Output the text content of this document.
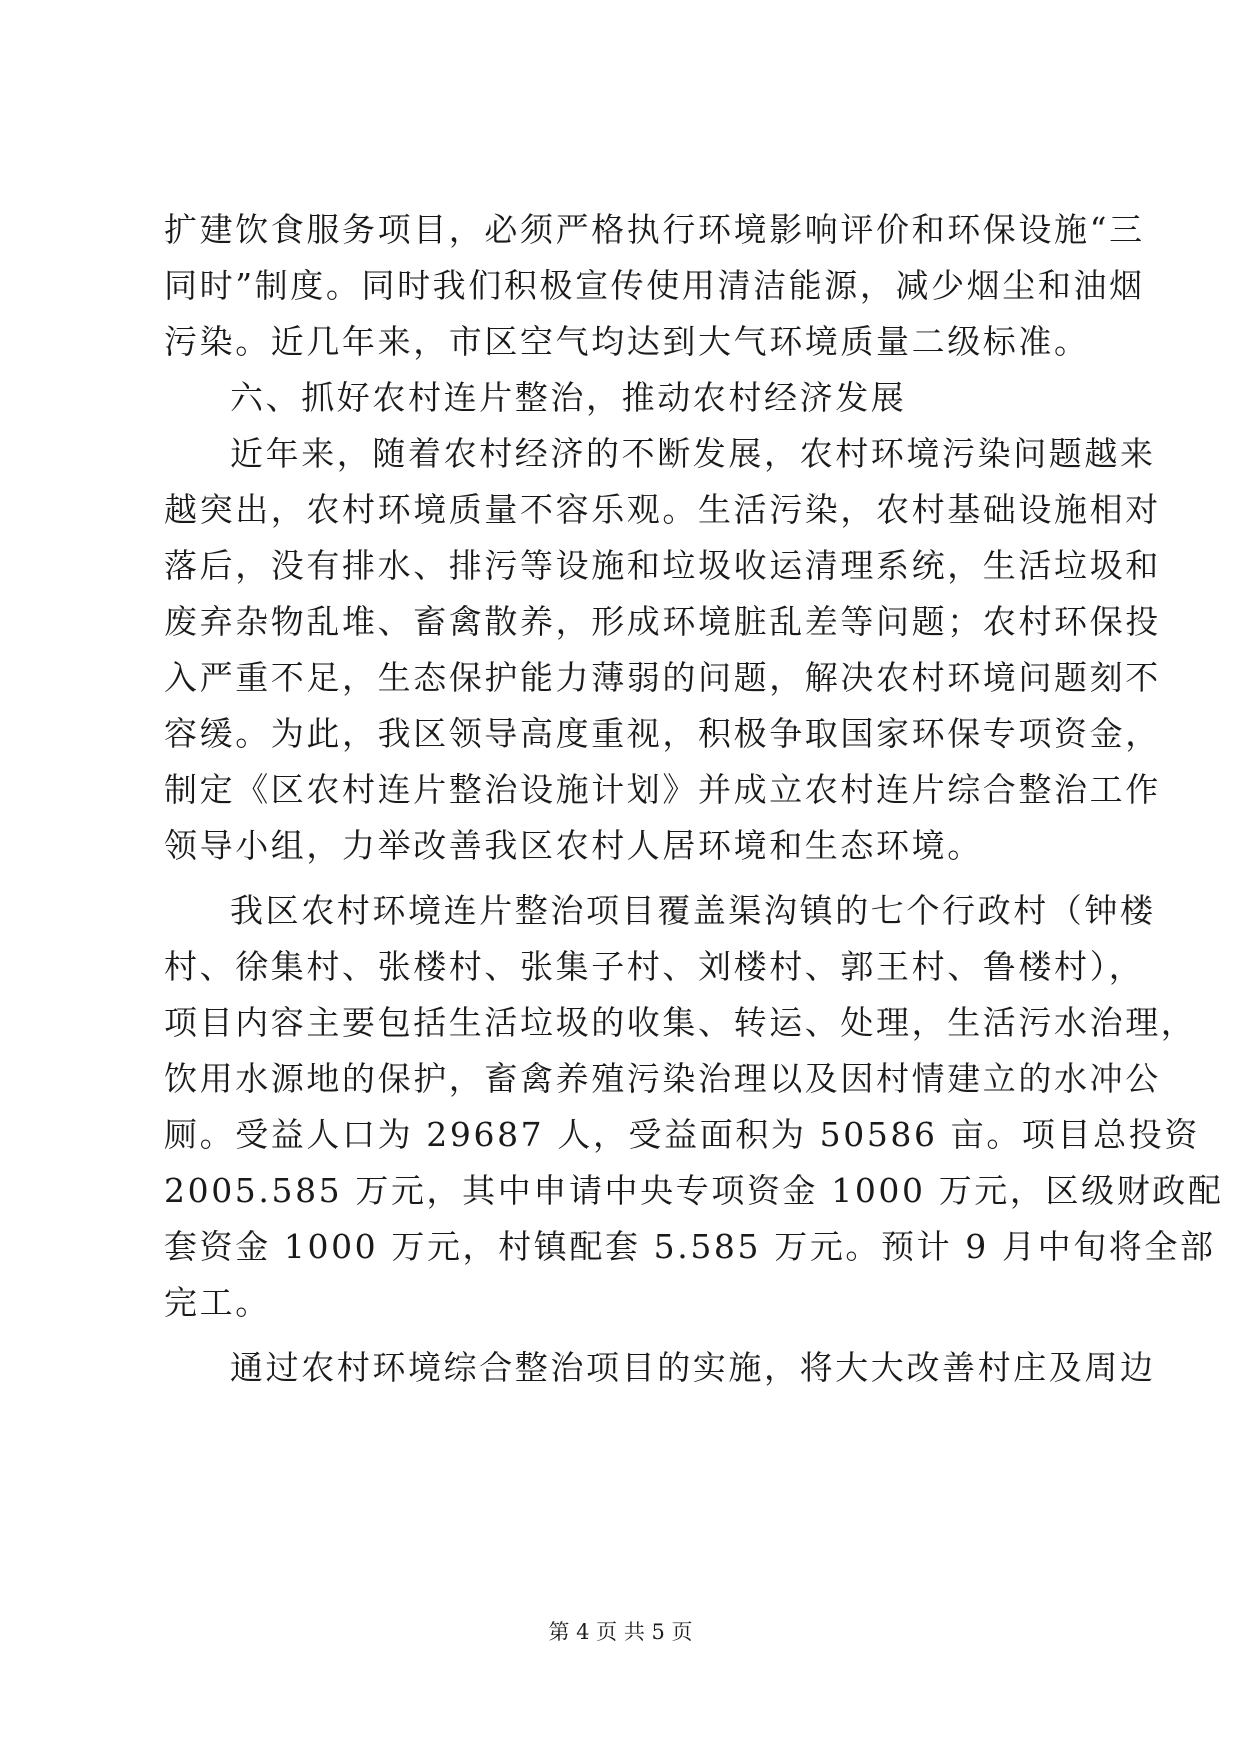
扩建饮食服务项目，必须严格执行环境影响评价和环保设施“三
同时”制度。同时我们积极宣传使用清洁能源，减少烟尘和油烟
污染。近几年来，市区空气均达到大气环境质量二级标准。
六、抓好农村连片整治，推动农村经济发展
近年来，随着农村经济的不断发展，农村环境污染问题越来
越突出，农村环境质量不容乐观。生活污染，农村基础设施相对
落后，没有排水、排污等设施和垃圾收运清理系统，生活垃圾和
废弃杂物乱堆、畜禽散养，形成环境脏乱差等问题；农村环保投
入严重不足，生态保护能力薄弱的问题，解决农村环境问题刻不
容缓。为此，我区领导高度重视，积极争取国家环保专项资金，
制定《区农村连片整治设施计划》并成立农村连片综合整治工作
领导小组，力举改善我区农村人居环境和生态环境。
我区农村环境连片整治项目覆盖渠沟镇的七个行政村（钟楼
村、徐集村、张楼村、张集子村、刘楼村、郭王村、鲁楼村），
项目内容主要包括生活垃圾的收集、转运、处理，生活污水治理，
饮用水源地的保护，畜禽养殖污染治理以及因村情建立的水冲公
厕。受益人口为 29687 人，受益面积为 50586 亩。项目总投资
2005.585 万元，其中申请中央专项资金 1000 万元，区级财政配
套资金 1000 万元，村镇配套 5.585 万元。预计 9 月中旬将全部
完工。
通过农村环境综合整治项目的实施，将大大改善村庄及周边
第 4 页 共 5 页
